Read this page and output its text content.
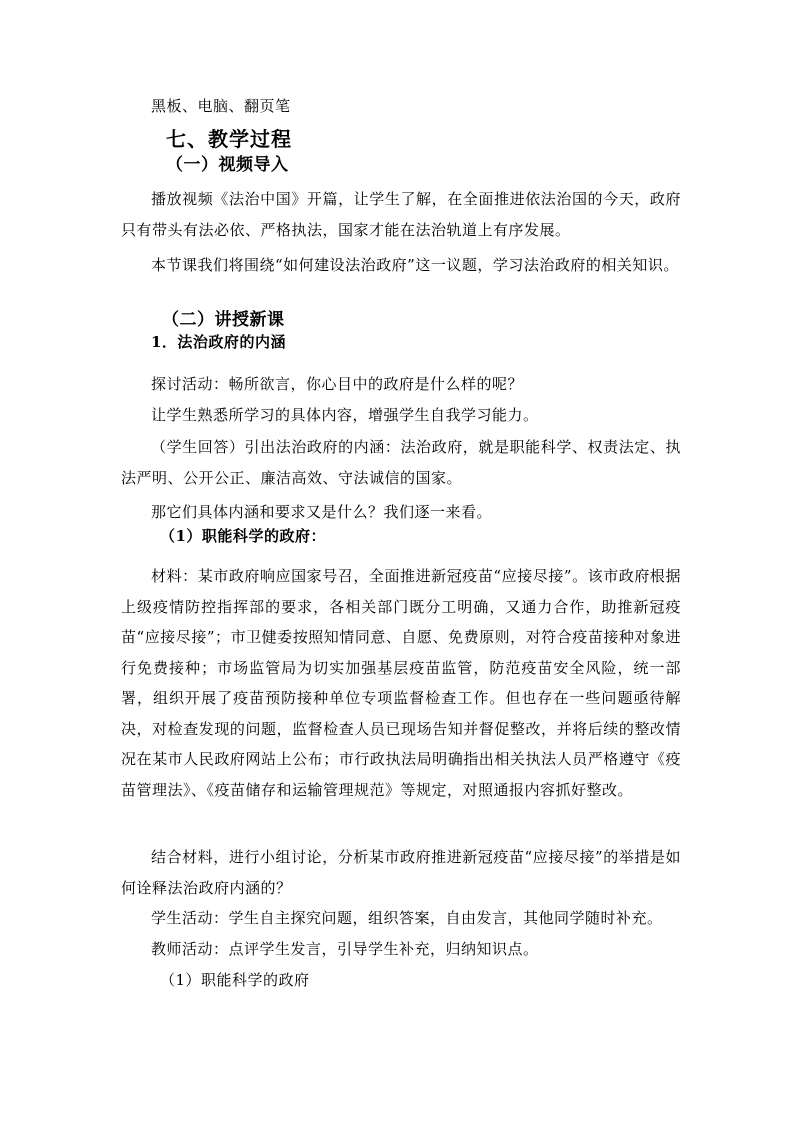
黑板、电脑、翻页笔

七、教学过程

（一）视频导入

播放视频《法治中国》开篇，让学生了解，在全面推进依法治国的今天，政府只有带头有法必依、严格执法，国家才能在法治轨道上有序发展。

本节课我们将围绕“如何建设法治政府”这一议题，学习法治政府的相关知识。

（二）讲授新课

1．法治政府的内涵

探讨活动：畅所欲言，你心目中的政府是什么样的呢？

让学生熟悉所学习的具体内容，增强学生自我学习能力。

（学生回答）引出法治政府的内涵：法治政府，就是职能科学、权责法定、执法严明、公开公正、廉洁高效、守法诚信的国家。

那它们具体内涵和要求又是什么？我们逐一来看。

（1）职能科学的政府：

材料：某市政府响应国家号召，全面推进新冠疫苗“应接尽接”。该市政府根据上级疫情防控指挥部的要求，各相关部门既分工明确，又通力合作，助推新冠疫苗“应接尽接”；市卫健委按照知情同意、自愿、免费原则，对符合疫苗接种对象进行免费接种；市场监管局为切实加强基层疫苗监管，防范疫苗安全风险，统一部署，组织开展了疫苗预防接种单位专项监督检查工作。但也存在一些问题亟待解决，对检查发现的问题，监督检查人员已现场告知并督促整改，并将后续的整改情况在某市人民政府网站上公布；市行政执法局明确指出相关执法人员严格遵守《疫苗管理法》、《疫苗储存和运输管理规范》等规定，对照通报内容抓好整改。

结合材料，进行小组讨论，分析某市政府推进新冠疫苗“应接尽接”的举措是如何诠释法治政府内涵的？

学生活动：学生自主探究问题，组织答案，自由发言，其他同学随时补充。

教师活动：点评学生发言，引导学生补充，归纳知识点。

（1）职能科学的政府
